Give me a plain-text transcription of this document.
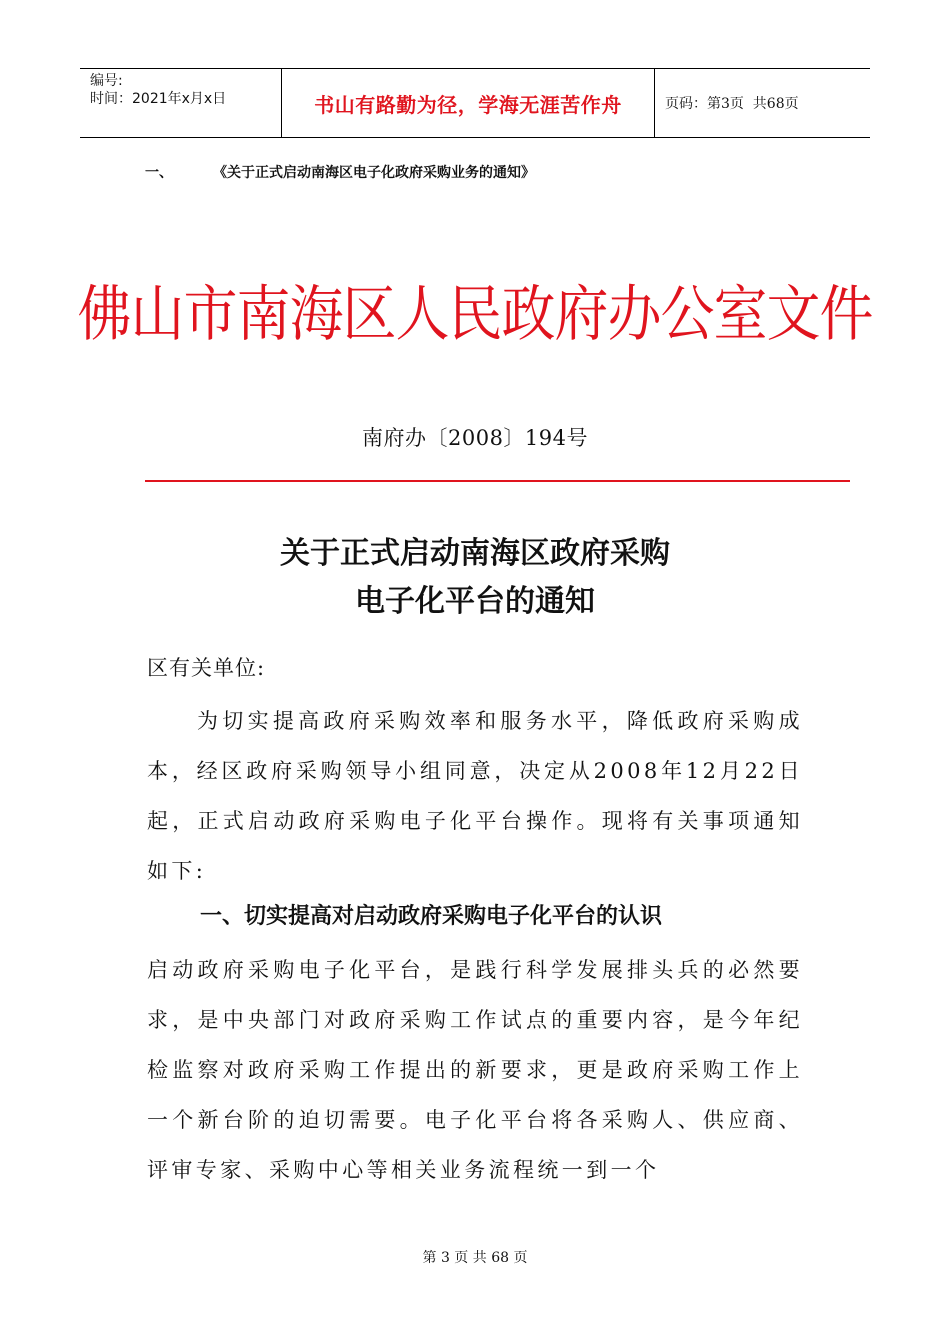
编号:
时间：2021年x月x日	书山有路勤为径，学海无涯苦作舟	页码：第3页  共68页
一、	《关于正式启动南海区电子化政府采购业务的通知》
佛山市南海区人民政府办公室文件
南府办〔2008〕194号
关于正式启动南海区政府采购
电子化平台的通知
区有关单位:
为切实提高政府采购效率和服务水平，降低政府采购成本，经区政府采购领导小组同意，决定从2008年12月22日起，正式启动政府采购电子化平台操作。现将有关事项通知如下:
一、切实提高对启动政府采购电子化平台的认识
启动政府采购电子化平台，是践行科学发展排头兵的必然要求，是中央部门对政府采购工作试点的重要内容，是今年纪检监察对政府采购工作提出的新要求，更是政府采购工作上一个新台阶的迫切需要。电子化平台将各采购人、供应商、评审专家、采购中心等相关业务流程统一到一个
第 3 页 共 68 页
